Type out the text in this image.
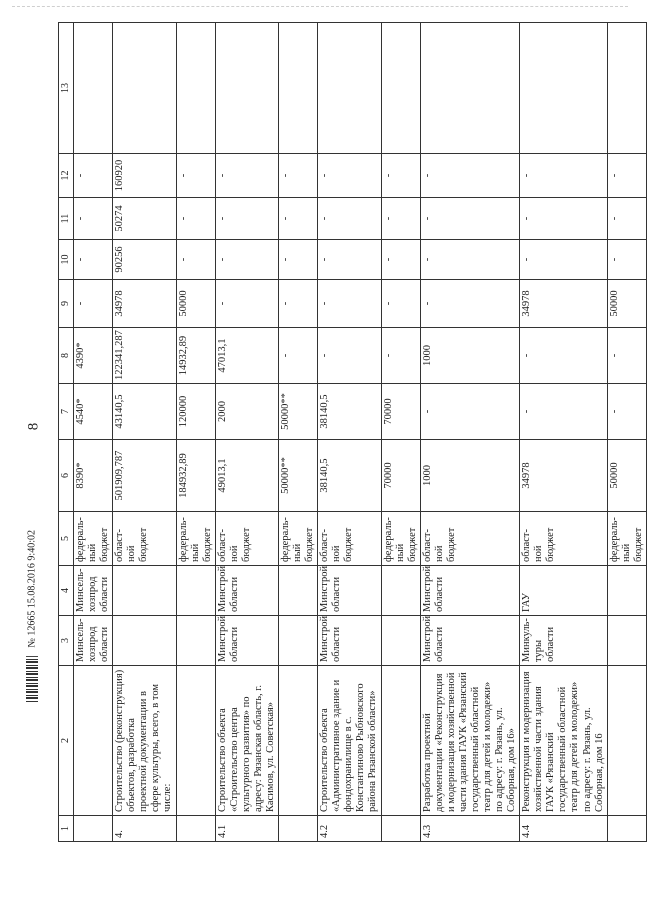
8
1	2	3	4	5	6	7	8	9	10	11	12	13
		Минсель-хозпрод области	Минсель-хозпрод области	федераль-ный бюджет	8390*	4540*	4390*	-	-	-	-	
4.	Строительство (реконструкция) объектов, разработка проектной документации в сфере культуры, всего, в том числе:			област-ной бюджет	501909,787	43140,5	122341,287	34978	90256	50274	160920	
				федераль-ный бюджет	184932,89	120000	14932,89	50000	-	-	-	
4.1	Строительство объекта «Строительство центра культурного развития» по адресу: Рязанская область, г. Касимов, ул. Советская»	Минстрой области	Минстрой области	област-ной бюджет	49013,1	2000	47013,1	-	-	-	-	
				федераль-ный бюджет	50000**	50000**	-	-	-	-	-	
4.2	Строительство объекта «Административное здание и фондохранилище в с. Константиново Рыбновского района Рязанской области»	Минстрой области	Минстрой области	област-ной бюджет	38140,5	38140,5	-	-	-	-	-	
				федераль-ный бюджет	70000	70000	-	-	-	-	-	
4.3	Разработка проектной документации «Реконструкция и модернизация хозяйственной части здания ГАУК «Рязанский государственный областной театр для детей и молодежи» по адресу: г. Рязань, ул. Соборная, дом 16»	Минстрой области	Минстрой области	област-ной бюджет	1000	-	1000	-	-	-	-	
4.4	Реконструкция и модернизация хозяйственной части здания ГАУК «Рязанский государственный областной театр для детей и молодежи» по адресу: г. Рязань, ул. Соборная, дом 16	Минкуль-туры области	ГАУ	област-ной бюджет	34978	-	-	34978	-	-	-	
				федераль-ный бюджет	50000	-	-	50000	-	-	-	
№ 12665 15.08.2016 9:40:02
